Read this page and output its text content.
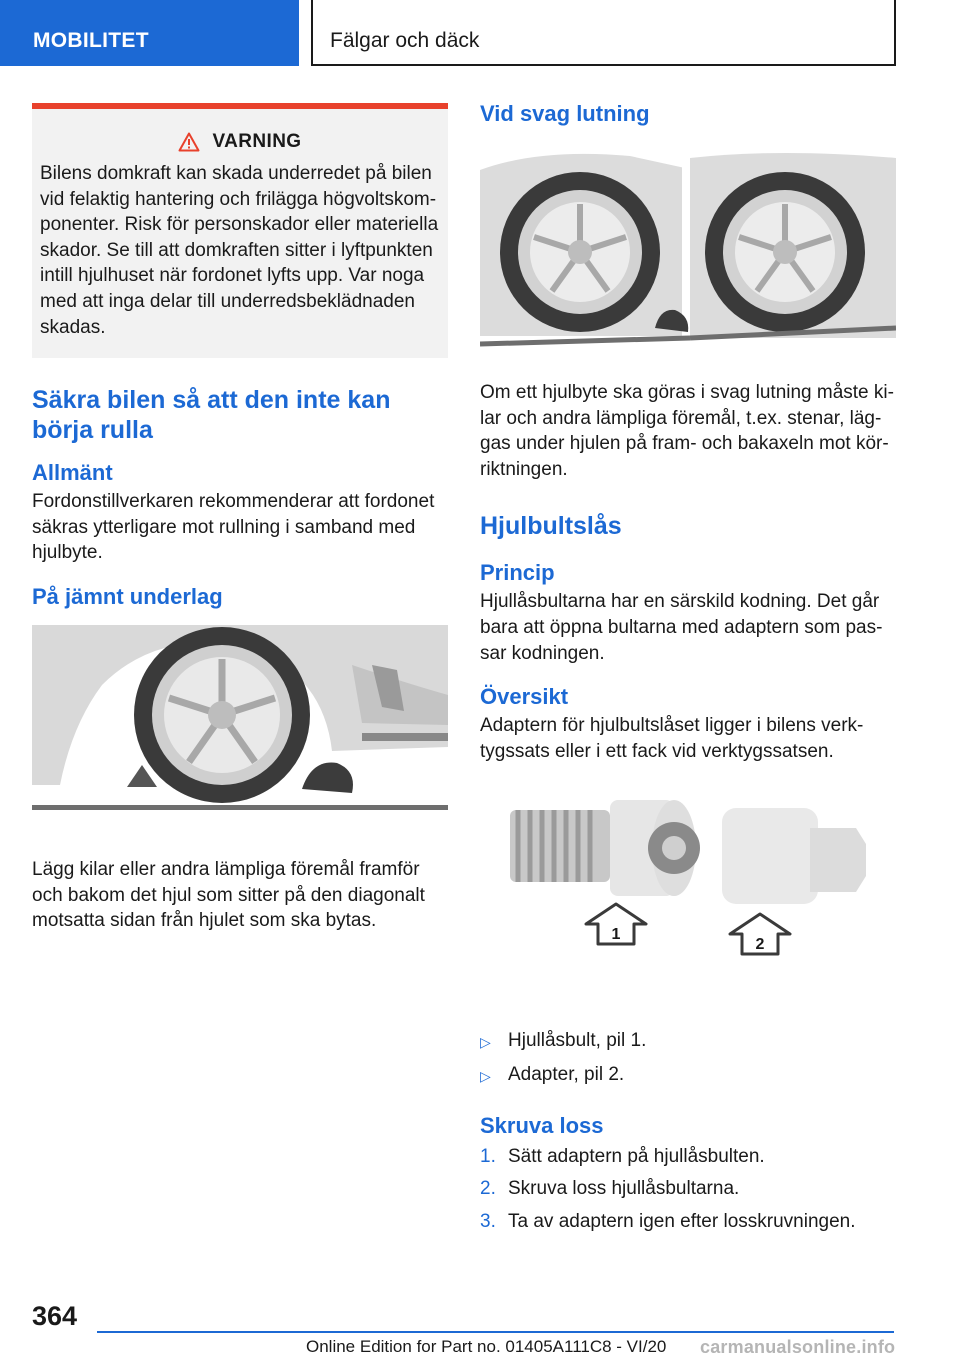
MOBILITET	Fälgar och däck
VARNING
Bilens domkraft kan skada underredet på bilen vid felaktig hantering och frilägga högvoltskomponenter. Risk för personskador eller materiella skador. Se till att domkraften sitter i lyftpunkten intill hjulhuset när fordonet lyfts upp. Var noga med att inga delar till underredsbeklädnaden skadas.
Säkra bilen så att den inte kan börja rulla
Allmänt
Fordonstillverkaren rekommenderar att fordonet säkras ytterligare mot rullning i samband med hjulbyte.
På jämnt underlag
Lägg kilar eller andra lämpliga föremål framför och bakom det hjul som sitter på den diagonalt motsatta sidan från hjulet som ska bytas.
Vid svag lutning
Om ett hjulbyte ska göras i svag lutning måste kilar och andra lämpliga föremål, t.ex. stenar, läggas under hjulen på fram- och bakaxeln mot körriktningen.
Hjulbultslås
Princip
Hjullåsbultarna har en särskild kodning. Det går bara att öppna bultarna med adaptern som passar kodningen.
Översikt
Adaptern för hjulbultslåset ligger i bilens verktygssats eller i ett fack vid verktygssatsen.
1
2
▷ Hjullåsbult, pil 1.
▷ Adapter, pil 2.
Skruva loss
1. Sätt adaptern på hjullåsbulten.
2. Skruva loss hjullåsbultarna.
3. Ta av adaptern igen efter losskruvningen.
364
Online Edition for Part no. 01405A111C8 - VI/20 carmanualsonline.info
